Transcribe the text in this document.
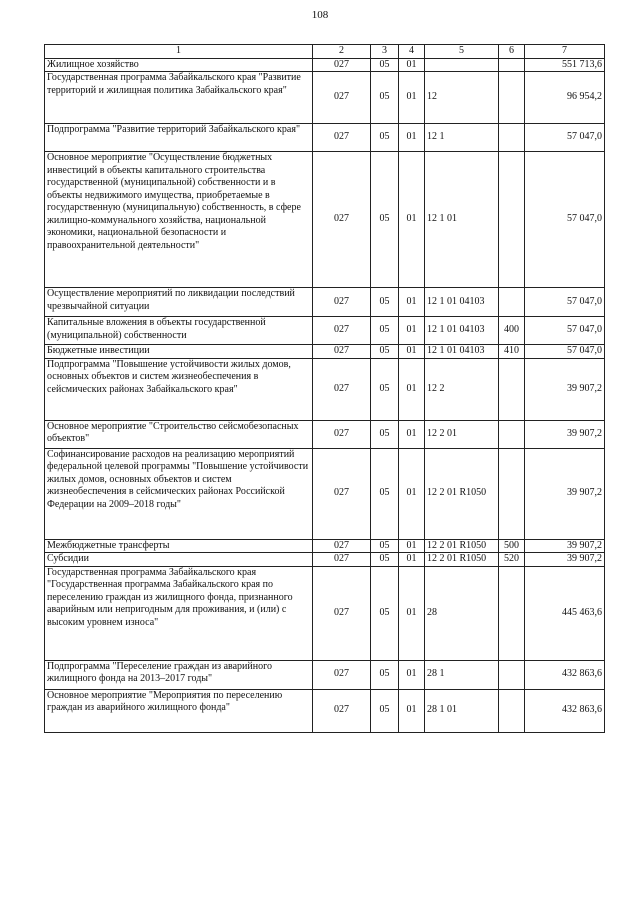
108
1	2	3	4	5	6	7
Жилищное хозяйство	027	05	01			551 713,6
Государственная программа Забайкальского края "Развитие территорий и жилищная политика Забайкальского края"	027	05	01	12		96 954,2
Подпрограмма "Развитие территорий Забайкальского края"	027	05	01	12 1		57 047,0
Основное мероприятие "Осуществление бюджетных инвестиций в объекты капитального строительства государственной (муниципальной) собственности и в объекты недвижимого имущества, приобретаемые в государственную (муниципальную) собственность, в сфере жилищно-коммунального хозяйства, национальной экономики, национальной безопасности и правоохранительной деятельности"	027	05	01	12 1 01		57 047,0
Осуществление мероприятий по ликвидации последствий чрезвычайной ситуации	027	05	01	12 1 01 04103		57 047,0
Капитальные вложения в объекты государственной (муниципальной) собственности	027	05	01	12 1 01 04103	400	57 047,0
Бюджетные инвестиции	027	05	01	12 1 01 04103	410	57 047,0
Подпрограмма "Повышение устойчивости жилых домов, основных объектов и систем жизнеобеспечения в сейсмических районах Забайкальского края"	027	05	01	12 2		39 907,2
Основное мероприятие "Строительство сейсмобезопасных объектов"	027	05	01	12 2 01		39 907,2
Софинансирование расходов на реализацию мероприятий федеральной целевой программы "Повышение устойчивости жилых домов, основных объектов и систем жизнеобеспечения в сейсмических районах Российской Федерации на 2009–2018 годы"	027	05	01	12 2 01 R1050		39 907,2
Межбюджетные трансферты	027	05	01	12 2 01 R1050	500	39 907,2
Субсидии	027	05	01	12 2 01 R1050	520	39 907,2
Государственная программа Забайкальского края "Государственная программа Забайкальского края по переселению граждан из жилищного фонда, признанного аварийным или непригодным для проживания, и (или) с высоким уровнем износа"	027	05	01	28		445 463,6
Подпрограмма "Переселение граждан из аварийного жилищного фонда на 2013–2017 годы"	027	05	01	28 1		432 863,6
Основное мероприятие "Мероприятия по переселению граждан из аварийного жилищного фонда"	027	05	01	28 1 01		432 863,6
